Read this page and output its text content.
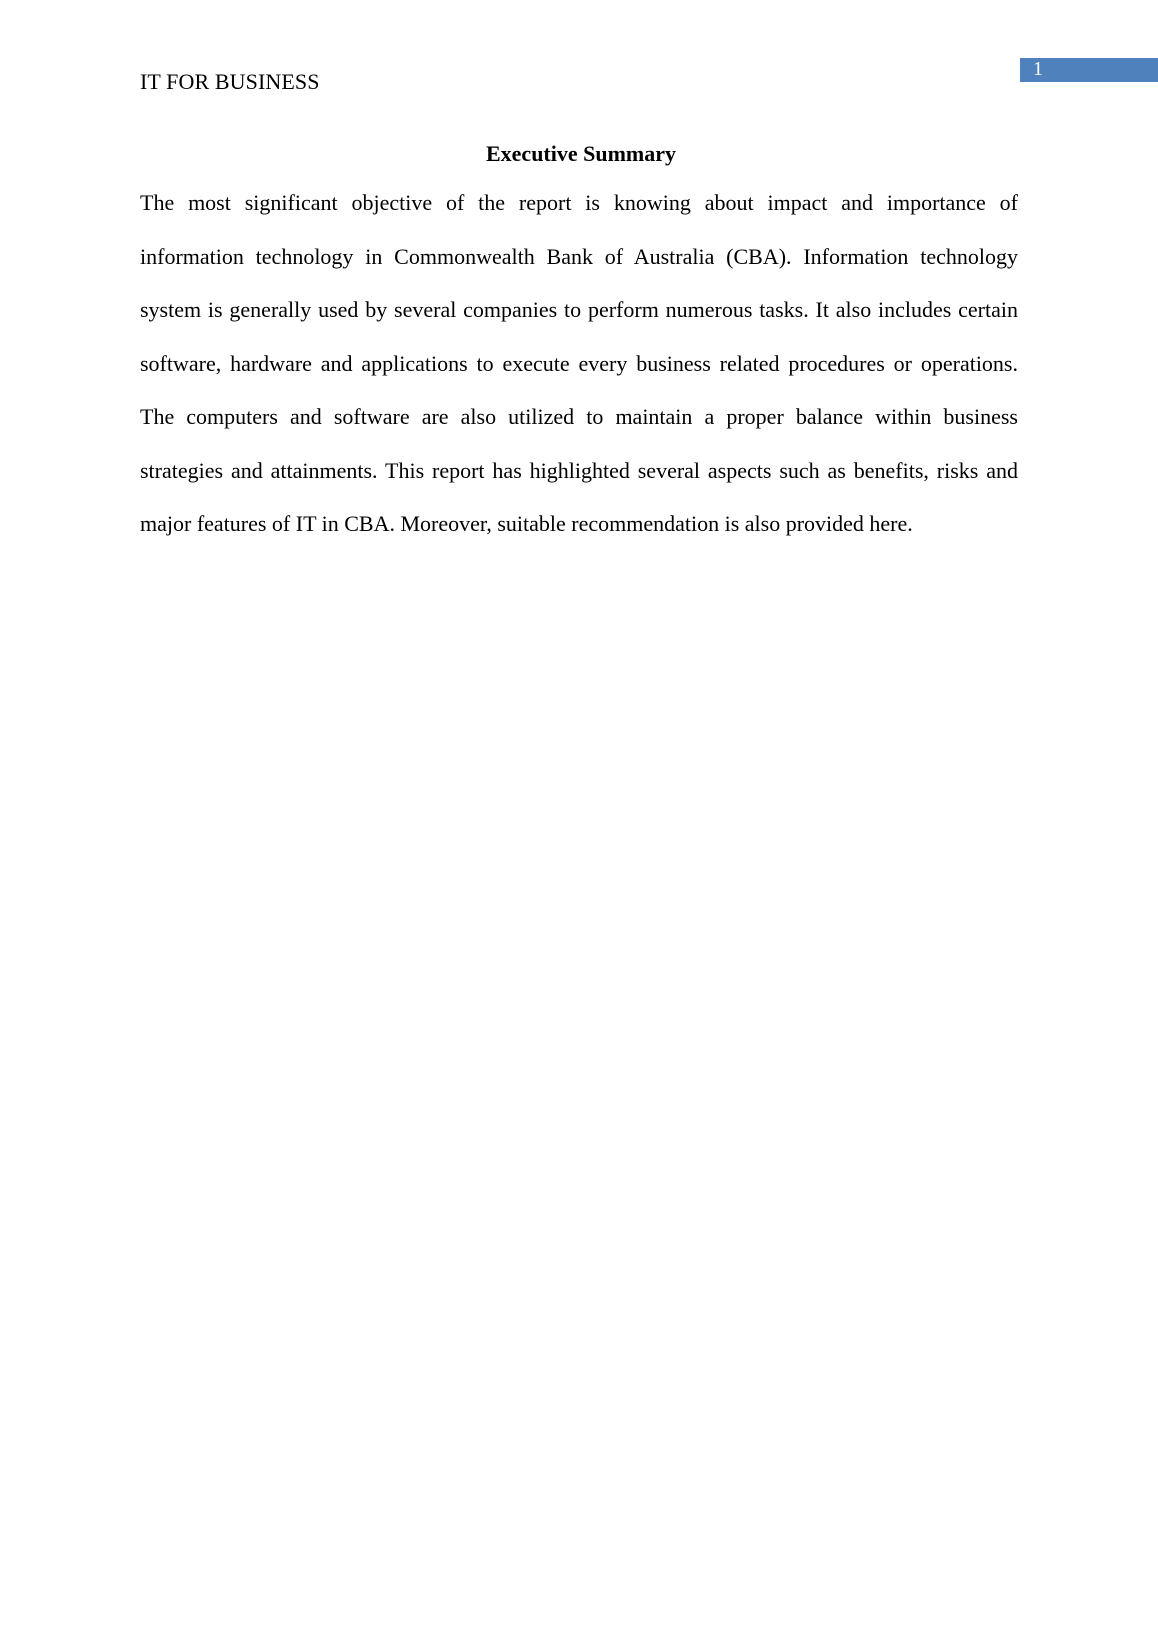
1
IT FOR BUSINESS
Executive Summary

The most significant objective of the report is knowing about impact and importance of information technology in Commonwealth Bank of Australia (CBA). Information technology system is generally used by several companies to perform numerous tasks. It also includes certain software, hardware and applications to execute every business related procedures or operations. The computers and software are also utilized to maintain a proper balance within business strategies and attainments. This report has highlighted several aspects such as benefits, risks and major features of IT in CBA. Moreover, suitable recommendation is also provided here.
